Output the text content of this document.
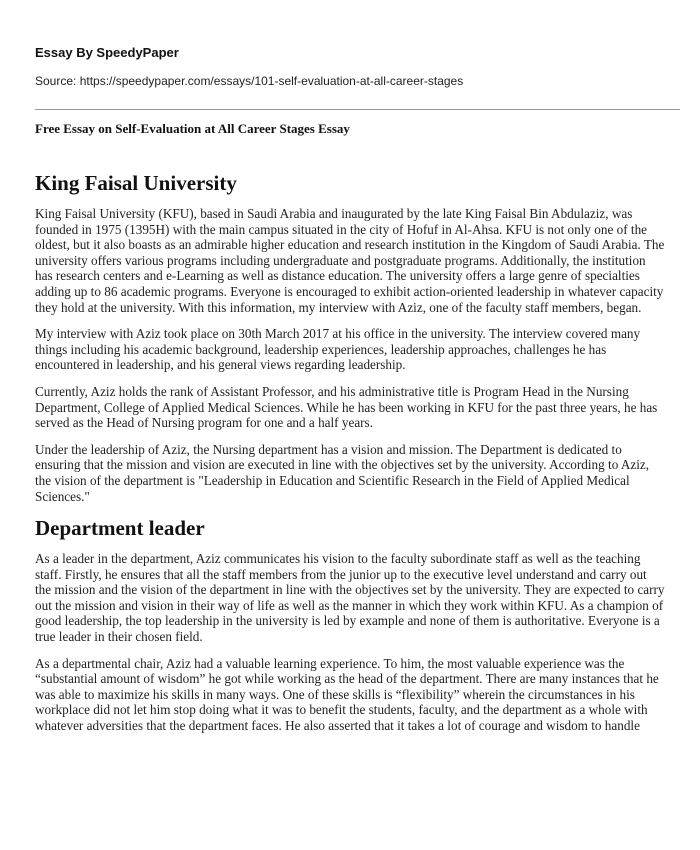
Essay By SpeedyPaper
Source: https://speedypaper.com/essays/101-self-evaluation-at-all-career-stages
Free Essay on Self-Evaluation at All Career Stages Essay
King Faisal University

King Faisal University (KFU), based in Saudi Arabia and inaugurated by the late King Faisal Bin Abdulaziz, was founded in 1975 (1395H) with the main campus situated in the city of Hofuf in Al-Ahsa. KFU is not only one of the oldest, but it also boasts as an admirable higher education and research institution in the Kingdom of Saudi Arabia. The university offers various programs including undergraduate and postgraduate programs. Additionally, the institution has research centers and e-Learning as well as distance education. The university offers a large genre of specialties adding up to 86 academic programs. Everyone is encouraged to exhibit action-oriented leadership in whatever capacity they hold at the university. With this information, my interview with Aziz, one of the faculty staff members, began.

My interview with Aziz took place on 30th March 2017 at his office in the university. The interview covered many things including his academic background, leadership experiences, leadership approaches, challenges he has encountered in leadership, and his general views regarding leadership.

Currently, Aziz holds the rank of Assistant Professor, and his administrative title is Program Head in the Nursing Department, College of Applied Medical Sciences. While he has been working in KFU for the past three years, he has served as the Head of Nursing program for one and a half years.

Under the leadership of Aziz, the Nursing department has a vision and mission. The Department is dedicated to ensuring that the mission and vision are executed in line with the objectives set by the university. According to Aziz, the vision of the department is "Leadership in Education and Scientific Research in the Field of Applied Medical Sciences."

Department leader

As a leader in the department, Aziz communicates his vision to the faculty subordinate staff as well as the teaching staff. Firstly, he ensures that all the staff members from the junior up to the executive level understand and carry out the mission and the vision of the department in line with the objectives set by the university. They are expected to carry out the mission and vision in their way of life as well as the manner in which they work within KFU. As a champion of good leadership, the top leadership in the university is led by example and none of them is authoritative. Everyone is a true leader in their chosen field.

As a departmental chair, Aziz had a valuable learning experience. To him, the most valuable experience was the “substantial amount of wisdom” he got while working as the head of the department. There are many instances that he was able to maximize his skills in many ways. One of these skills is “flexibility” wherein the circumstances in his workplace did not let him stop doing what it was to benefit the students, faculty, and the department as a whole with whatever adversities that the department faces. He also asserted that it takes a lot of courage and wisdom to handle
